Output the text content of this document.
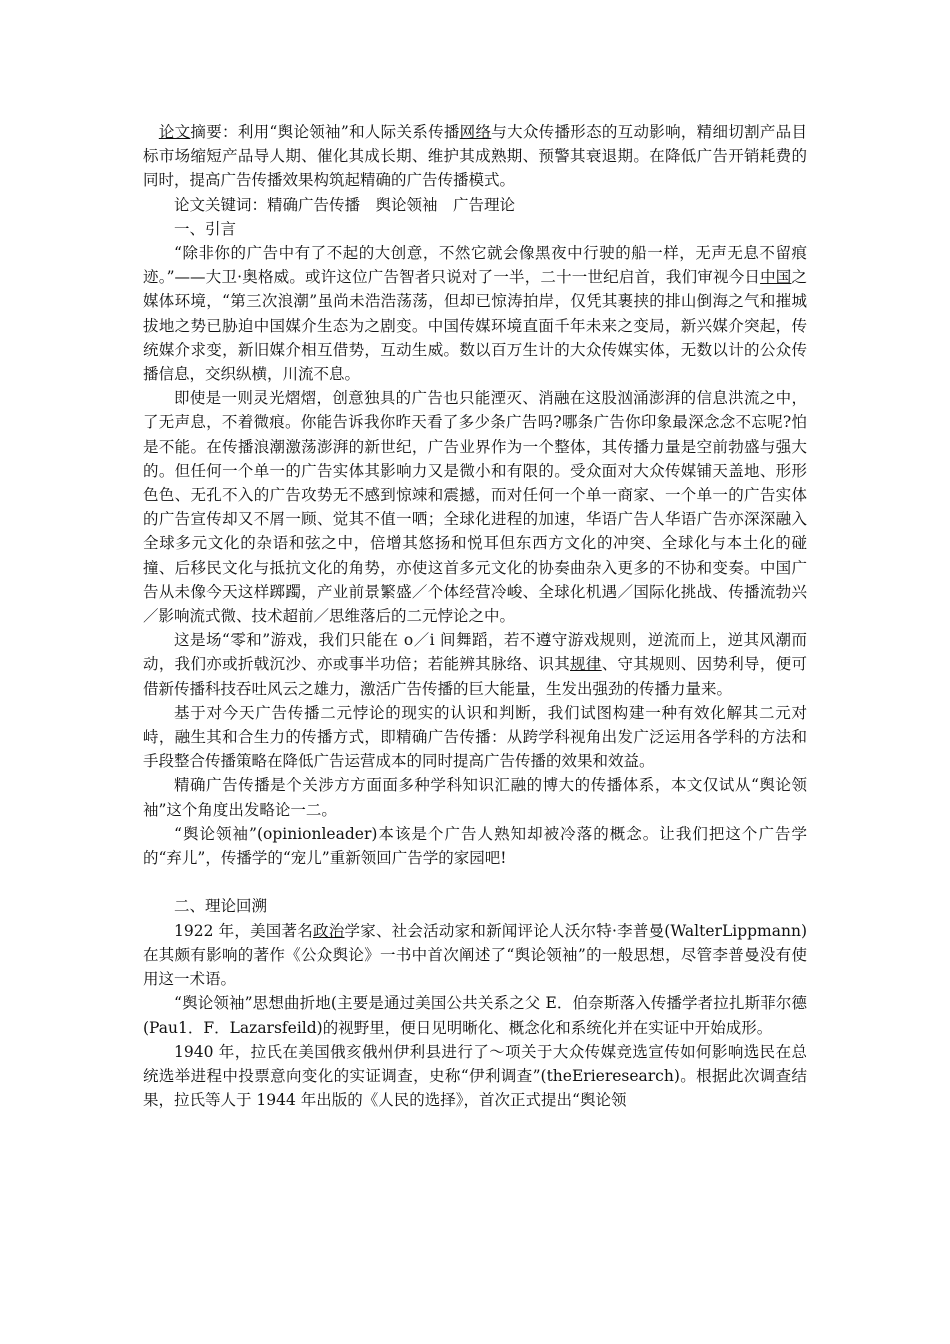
　论文摘要：利用“舆论领袖”和人际关系传播网络与大众传播形态的互动影响，精细切割产品目标市场缩短产品导人期、催化其成长期、维护其成熟期、预警其衰退期。在降低广告开销耗费的同时，提高广告传播效果构筑起精确的广告传播模式。

论文关键词：精确广告传播　舆论领袖　广告理论

一、引言

“除非你的广告中有了不起的大创意，不然它就会像黑夜中行驶的船一样，无声无息不留痕迹。”——大卫·奥格威。或许这位广告智者只说对了一半，二十一世纪启首，我们审视今日中国之媒体环境，“第三次浪潮”虽尚未浩浩荡荡，但却已惊涛拍岸，仅凭其裹挟的排山倒海之气和摧城拔地之势已胁迫中国媒介生态为之剧变。中国传媒环境直面千年未来之变局，新兴媒介突起，传统媒介求变，新旧媒介相互借势，互动生威。数以百万生计的大众传媒实体，无数以计的公众传播信息，交织纵横，川流不息。

即使是一则灵光熠熠，创意独具的广告也只能湮灭、消融在这股汹涌澎湃的信息洪流之中，了无声息，不着微痕。你能告诉我你昨天看了多少条广告吗?哪条广告你印象最深念念不忘呢?怕是不能。在传播浪潮激荡澎湃的新世纪，广告业界作为一个整体，其传播力量是空前勃盛与强大的。但任何一个单一的广告实体其影响力又是微小和有限的。受众面对大众传媒铺天盖地、形形色色、无孔不入的广告攻势无不感到惊竦和震撼，而对任何一个单一商家、一个单一的广告实体的广告宣传却又不屑一顾、觉其不值一哂；全球化进程的加速，华语广告人华语广告亦深深融入全球多元文化的杂语和弦之中，倍增其悠扬和悦耳但东西方文化的冲突、全球化与本土化的碰撞、后移民文化与抵抗文化的角势，亦使这首多元文化的协奏曲杂入更多的不协和变奏。中国广告从未像今天这样踯躅，产业前景繁盛／个体经营冷峻、全球化机遇／国际化挑战、传播流勃兴／影响流式微、技术超前／思维落后的二元悖论之中。

这是场“零和”游戏，我们只能在 o／i 间舞蹈，若不遵守游戏规则，逆流而上，逆其风潮而动，我们亦或折戟沉沙、亦或事半功倍；若能辨其脉络、识其规律、守其规则、因势利导，便可借新传播科技吞吐风云之雄力，激活广告传播的巨大能量，生发出强劲的传播力量来。

基于对今天广告传播二元悖论的现实的认识和判断，我们试图构建一种有效化解其二元对峙，融生其和合生力的传播方式，即精确广告传播：从跨学科视角出发广泛运用各学科的方法和手段整合传播策略在降低广告运营成本的同时提高广告传播的效果和效益。

精确广告传播是个关涉方方面面多种学科知识汇融的博大的传播体系，本文仅试从“舆论领袖”这个角度出发略论一二。

“舆论领袖”(opinionleader)本该是个广告人熟知却被冷落的概念。让我们把这个广告学的“弃儿”，传播学的“宠儿”重新领回广告学的家园吧!

二、理论回溯

1922 年，美国著名政治学家、社会活动家和新闻评论人沃尔特·李普曼(WalterLippmann)在其颇有影响的著作《公众舆论》一书中首次阐述了“舆论领袖”的一般思想，尽管李普曼没有使用这一术语。

“舆论领袖”思想曲折地(主要是通过美国公共关系之父 E．伯奈斯落入传播学者拉扎斯菲尔德(Pau1．F．Lazarsfeild)的视野里，便日见明晰化、概念化和系统化并在实证中开始成形。

1940 年，拉氏在美国俄亥俄州伊利县进行了～项关于大众传媒竞选宣传如何影响选民在总统选举进程中投票意向变化的实证调查，史称“伊利调查”(theErieresearch)。根据此次调查结果，拉氏等人于 1944 年出版的《人民的选择》，首次正式提出“舆论领
